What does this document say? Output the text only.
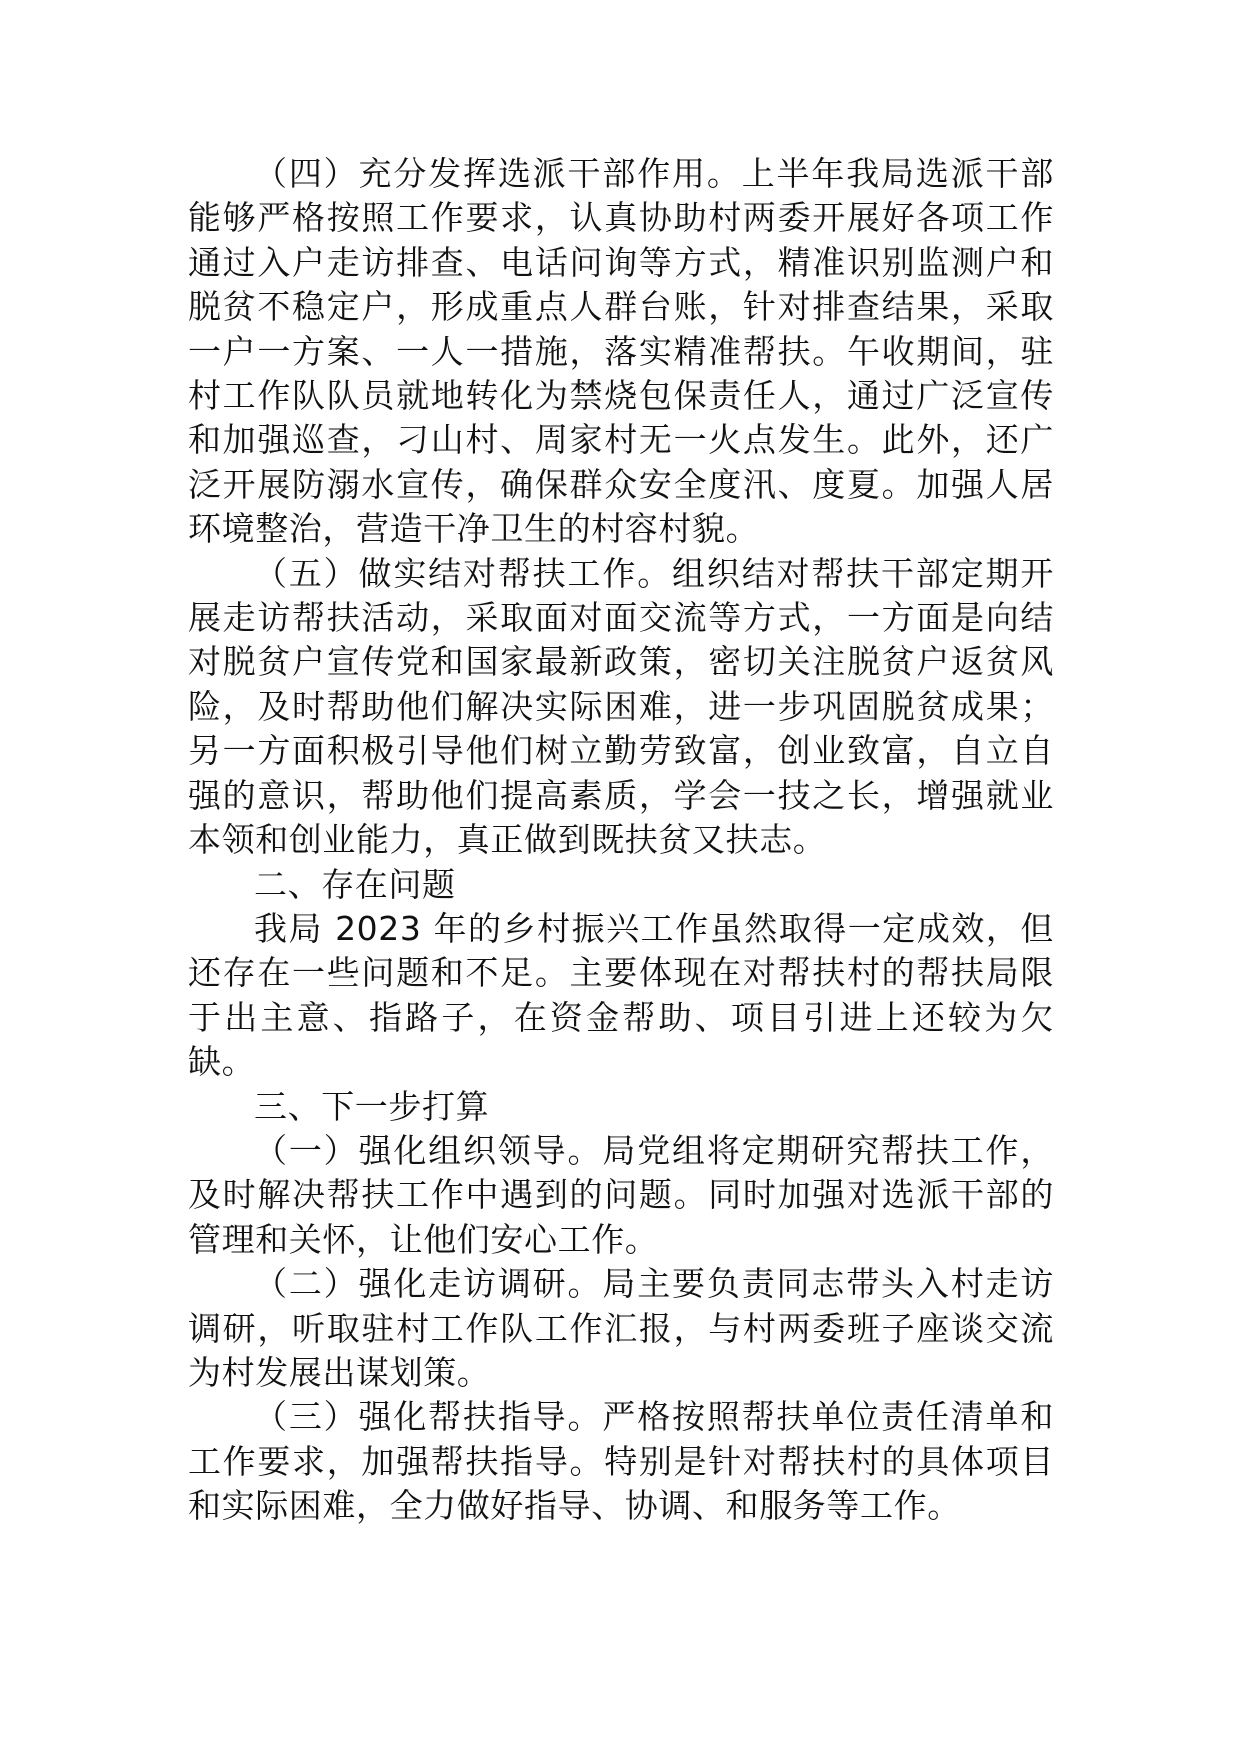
（四）充分发挥选派干部作用。上半年我局选派干部能够严格按照工作要求，认真协助村两委开展好各项工作通过入户走访排查、电话问询等方式，精准识别监测户和脱贫不稳定户，形成重点人群台账，针对排查结果，采取一户一方案、一人一措施，落实精准帮扶。午收期间，驻村工作队队员就地转化为禁烧包保责任人，通过广泛宣传和加强巡查，刁山村、周家村无一火点发生。此外，还广泛开展防溺水宣传，确保群众安全度汛、度夏。加强人居环境整治，营造干净卫生的村容村貌。

（五）做实结对帮扶工作。组织结对帮扶干部定期开展走访帮扶活动，采取面对面交流等方式，一方面是向结对脱贫户宣传党和国家最新政策，密切关注脱贫户返贫风险，及时帮助他们解决实际困难，进一步巩固脱贫成果；另一方面积极引导他们树立勤劳致富，创业致富，自立自强的意识，帮助他们提高素质，学会一技之长，增强就业本领和创业能力，真正做到既扶贫又扶志。

二、存在问题

我局 2023 年的乡村振兴工作虽然取得一定成效，但还存在一些问题和不足。主要体现在对帮扶村的帮扶局限于出主意、指路子，在资金帮助、项目引进上还较为欠缺。

三、下一步打算

（一）强化组织领导。局党组将定期研究帮扶工作，及时解决帮扶工作中遇到的问题。同时加强对选派干部的管理和关怀，让他们安心工作。

（二）强化走访调研。局主要负责同志带头入村走访调研，听取驻村工作队工作汇报，与村两委班子座谈交流为村发展出谋划策。

（三）强化帮扶指导。严格按照帮扶单位责任清单和工作要求，加强帮扶指导。特别是针对帮扶村的具体项目和实际困难，全力做好指导、协调、和服务等工作。
